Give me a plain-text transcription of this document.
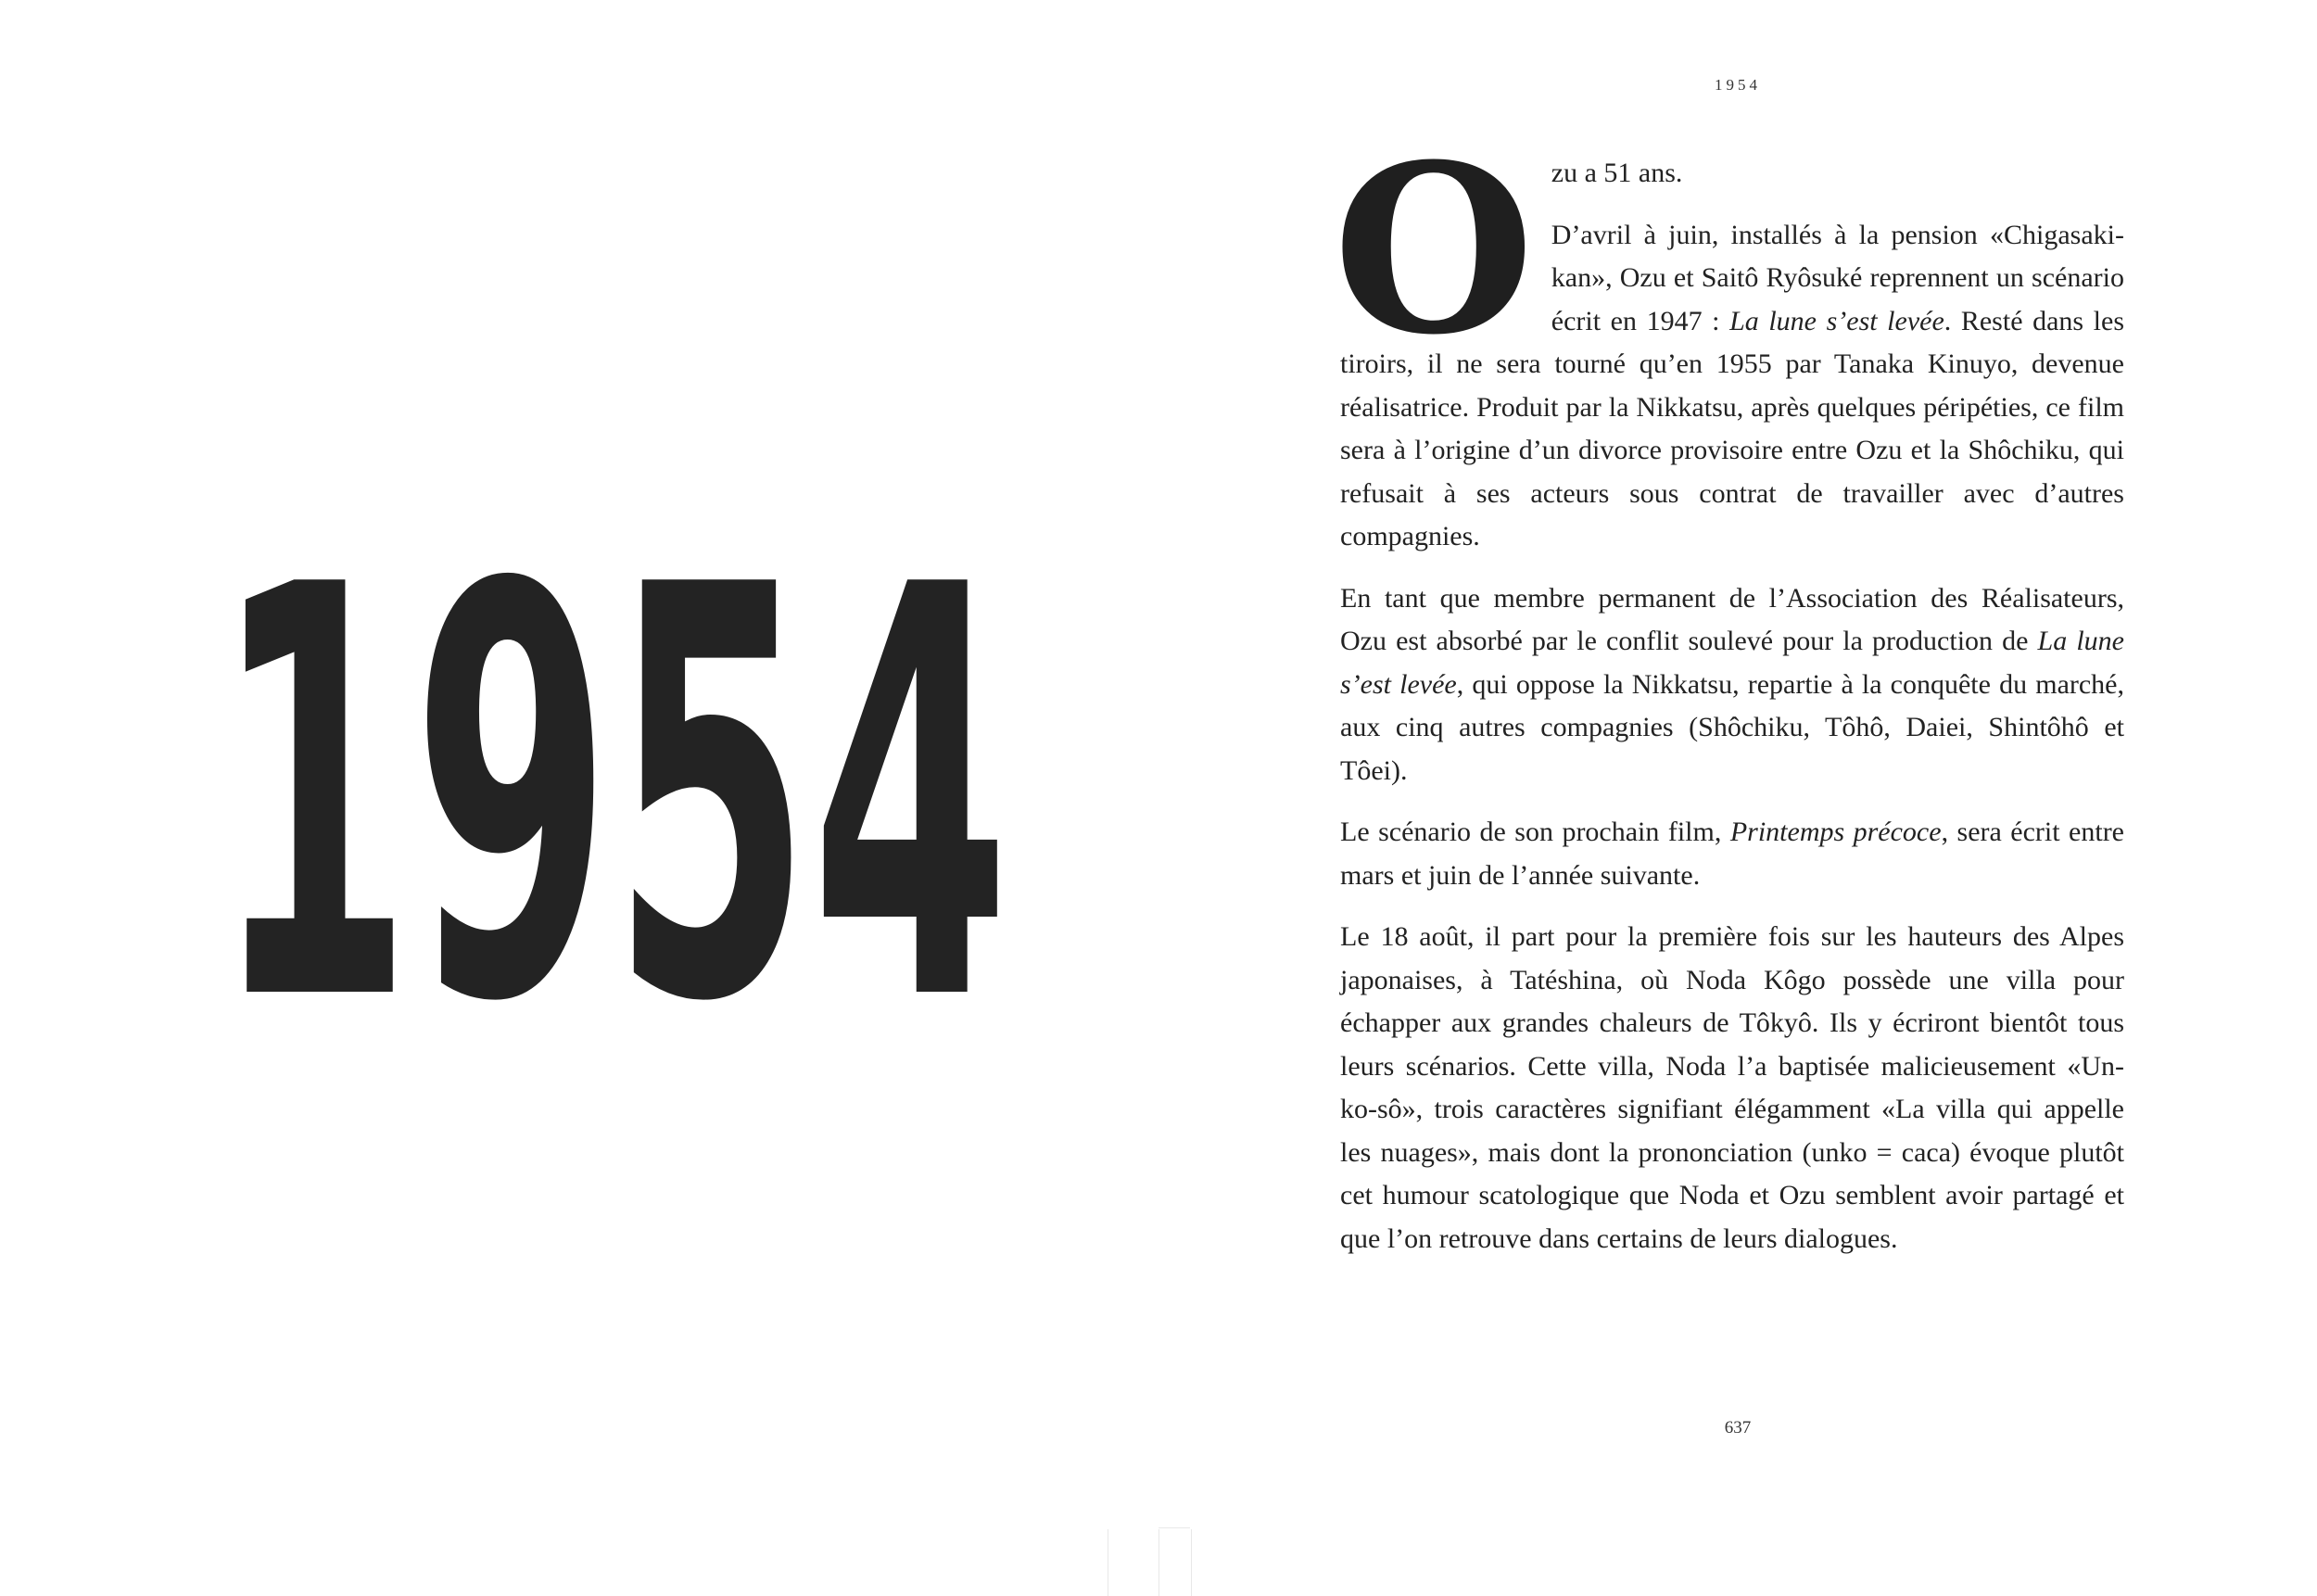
1954
1954

Ozu a 51 ans.

D’avril à juin, installés à la pension «Chigasaki-kan», Ozu et Saitô Ryôsuké reprennent un scénario écrit en 1947 : La lune s’est levée. Resté dans les tiroirs, il ne sera tourné qu’en 1955 par Tanaka Kinuyo, devenue réalisatrice. Produit par la Nikkatsu, après quelques péripéties, ce film sera à l’origine d’un divorce provisoire entre Ozu et la Shôchiku, qui refusait à ses acteurs sous contrat de travailler avec d’autres compagnies.

En tant que membre permanent de l’Association des Réalisateurs, Ozu est absorbé par le conflit soulevé pour la production de La lune s’est levée, qui oppose la Nikkatsu, repartie à la conquête du marché, aux cinq autres compagnies (Shôchiku, Tôhô, Daiei, Shintôhô et Tôei).

Le scénario de son prochain film, Printemps précoce, sera écrit entre mars et juin de l’année suivante.

Le 18 août, il part pour la première fois sur les hauteurs des Alpes japonaises, à Tatéshina, où Noda Kôgo possède une villa pour échapper aux grandes chaleurs de Tôkyô. Ils y écriront bientôt tous leurs scénarios. Cette villa, Noda l’a baptisée malicieusement «Un-ko-sô», trois caractères signifiant élégamment «La villa qui appelle les nuages», mais dont la prononciation (unko = caca) évoque plutôt cet humour scatologique que Noda et Ozu semblent avoir partagé et que l’on retrouve dans certains de leurs dialogues.

637
